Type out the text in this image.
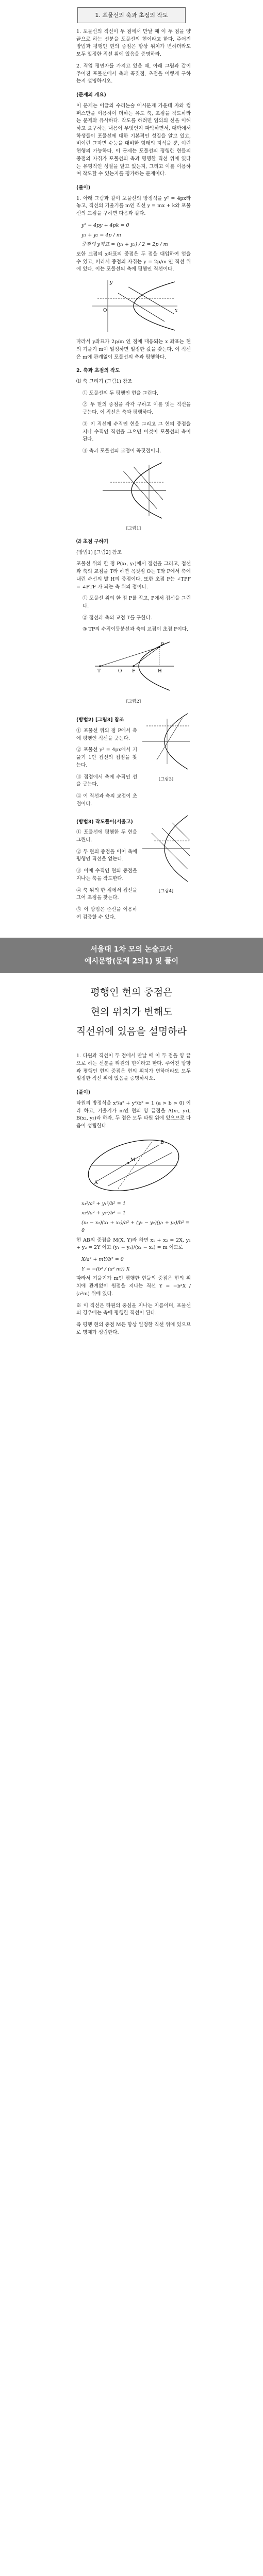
1. 포물선의 축과 초점의 작도

1. 포물선의 직선이 두 점에서 만날 때 이 두 점을 양 끝으로 하는 선분을 포물선의 현이라고 한다. 주어진 방법과 평행인 현의 중점은 항상 위치가 변하더라도 모두 일정한 직선 위에 있음을 증명하라.

2. 직업 평면자를 가지고 있을 때, 아래 그림과 같이 주어진 포물선에서 축과 꼭짓점, 초점을 어떻게 구하는지 설명하시오.

(문제의 개요)

이 문제는 이글의 수리논술 예시문제 가운데 자와 컴퍼스만을 이용하여 더하는 유도 축, 초점을 작도하라는 문제와 유사하다. 작도를 하려면 임의의 선을 이해하고 요구하는 내용이 무엇인지 파악하면서, 대학에서 학생들이 포물선에 대한 기본적인 성질을 알고 있고, 비이런 그자면 수능을 대비한 형태의 지식을 뿐, 이런 현행의 가능하다. 이 문제는 포물선의 평행한 현들의 중점의 자취가 포물선의 축과 평행한 직선 위에 있다는 유형적인 성질을 알고 있는지, 그리고 이를 이용하여 작도할 수 있는지를 평가하는 문제이다.

(풀이)

1. 아래 그림과 같이 포물선의 방정식을 y² = 4px라 놓고, 직선의 기울기를 m인 직선 y = mx + k와 포물선의 교점을 구하면 다음과 같다.

y² − 4py + 4pk = 0
y₁ + y₂ = 4p / m
중점의 y좌표 = (y₁ + y₂) / 2 = 2p / m

또한 교점의 x좌표의 중점은 두 점을 대입하여 얻을 수 있고, 따라서 중점의 자취는 y = 2p/m 인 직선 위에 있다. 이는 포물선의 축에 평행인 직선이다.

x
y
O

따라서 y좌표가 2p/m 인 점에 대응되는 x 좌표는 현의 기울기 m이 일정하면 일정한 값을 갖는다. 이 직선은 m에 관계없이 포물선의 축과 평행하다.

2. 축과 초점의 작도

⑴ 축 그리기 (그림1) 참조

① 포물선의 두 평행인 현을 그린다.

② 두 현의 중점을 각각 구하고 이를 잇는 직선을 긋는다. 이 직선은 축과 평행하다.

③ 이 직선에 수직인 현을 그리고 그 현의 중점을 지나 수직인 직선을 그으면 이것이 포물선의 축이 된다.

④ 축과 포물선의 교점이 꼭짓점이다.

[그림1]
⑵ 초점 구하기

(방법1) [그림2] 참조

포물선 위의 한 점 P(x₁, y₁)에서 접선을 그리고, 접선과 축의 교점을 T라 하면 꼭짓점 O는 T와 P에서 축에 내린 수선의 발 H의 중점이다. 또한 초점 F는 ∠TPF = ∠PTF 가 되는 축 위의 점이다.

① 포물선 위의 한 점 P를 잡고, P에서 접선을 그린다.

② 접선과 축의 교점 T를 구한다.

③ TP의 수직이등분선과 축의 교점이 초점 F이다.

P
F
T	H
O
[그림2]
(방법2) [그림3] 참조

① 포물선 위의 점 P에서 축에 평행인 직선을 긋는다.

② 포물선 y² = 4px에서 기울기 1인 접선의 접점을 찾는다.

③ 접점에서 축에 수직인 선을 긋는다.

④ 이 직선과 축의 교점이 초점이다.

[그림3]
(방법3) 작도풀이(서울고)

① 포물선에 평행한 두 현을 그린다.

② 두 현의 중점을 이어 축에 평행인 직선을 얻는다.

③ 이에 수직인 현의 중점을 지나는 축을 작도한다.

④ 축 위의 한 점에서 접선을 그어 초점을 찾는다.

⑤ 이 방법은 준선을 이용하여 검증할 수 있다.

[그림4]
서울대 1차 모의 논술고사
예시문항(문제 2의1) 및 풀이
평행인 현의 중점은
현의 위치가 변해도
직선위에 있음을 설명하라

1. 타원과 직선이 두 점에서 만날 때 이 두 점을 양 끝으로 하는 선분을 타원의 현이라고 한다. 주어진 방향과 평행인 현의 중점은 현의 위치가 변하더라도 모두 일정한 직선 위에 있음을 증명하시오.

(풀이)

타원의 방정식을 x²/a² + y²/b² = 1 (a > b > 0) 이라 하고, 기울기가 m인 현의 양 끝점을 A(x₁, y₁), B(x₂, y₂)라 하자. 두 점은 모두 타원 위에 있으므로 다음이 성립한다.

A
B
M
x₁²/a² + y₁²/b² = 1
x₂²/a² + y₂²/b² = 1
(x₁ − x₂)(x₁ + x₂)/a² + (y₁ − y₂)(y₁ + y₂)/b² = 0

현 AB의 중점을 M(X, Y)라 하면 x₁ + x₂ = 2X, y₁ + y₂ = 2Y 이고 (y₁ − y₂)/(x₁ − x₂) = m 이므로

X/a² + mY/b² = 0
Y = −(b² / (a² m)) X

따라서 기울기가 m인 평행한 현들의 중점은 현의 위치에 관계없이 원점을 지나는 직선 Y = −b²X / (a²m) 위에 있다.

※ 이 직선은 타원의 중심을 지나는 지름이며, 포물선의 경우에는 축에 평행한 직선이 된다.

즉 평행 현의 중점 M은 항상 일정한 직선 위에 있으므로 명제가 성립한다.
